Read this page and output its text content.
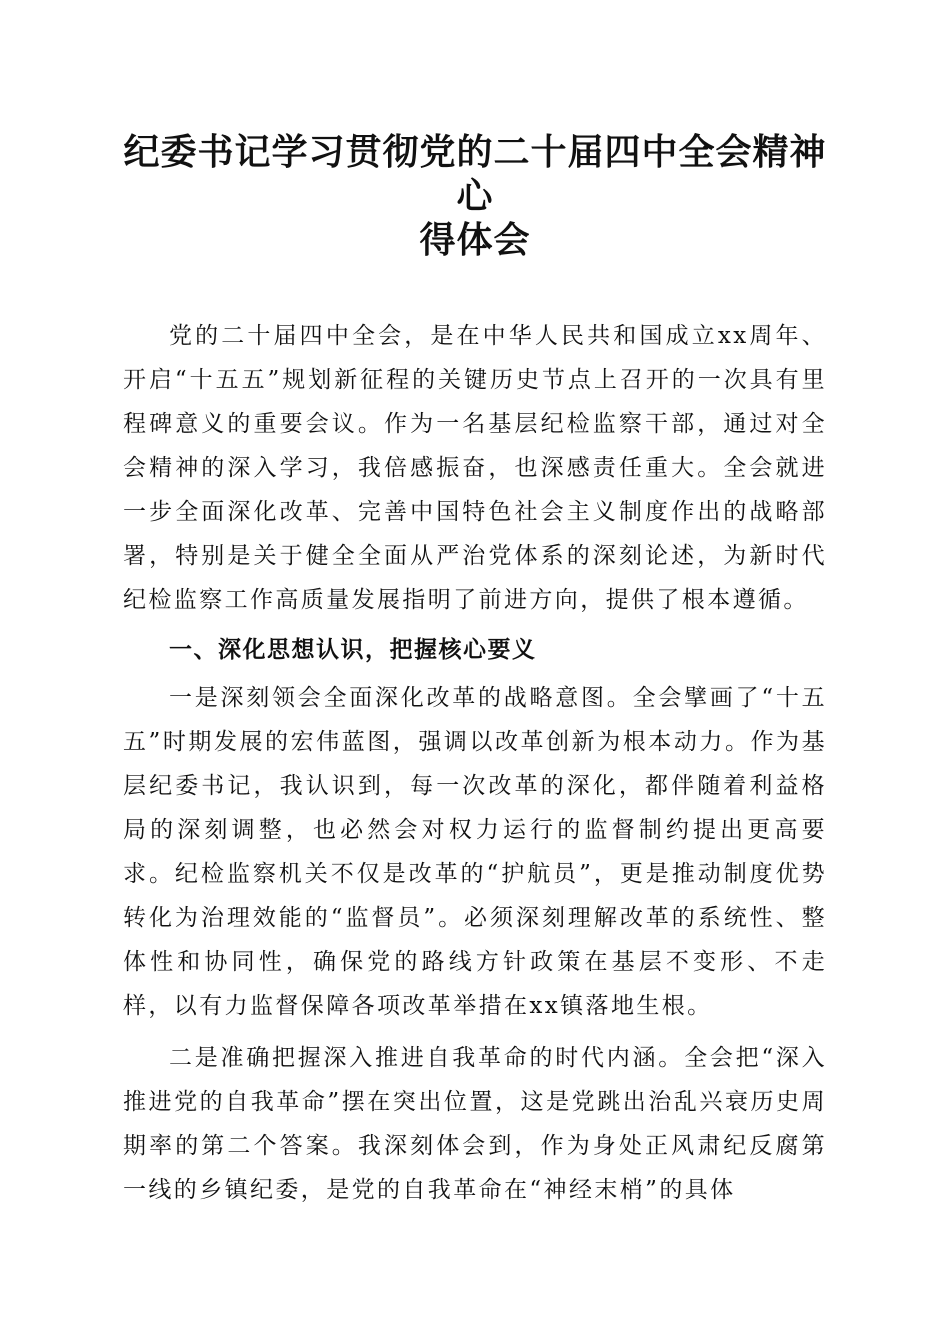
纪委书记学习贯彻党的二十届四中全会精神心
得体会

党的二十届四中全会，是在中华人民共和国成立xx周年、开启“十五五”规划新征程的关键历史节点上召开的一次具有里程碑意义的重要会议。作为一名基层纪检监察干部，通过对全会精神的深入学习，我倍感振奋，也深感责任重大。全会就进一步全面深化改革、完善中国特色社会主义制度作出的战略部署，特别是关于健全全面从严治党体系的深刻论述，为新时代纪检监察工作高质量发展指明了前进方向，提供了根本遵循。

一、深化思想认识，把握核心要义

一是深刻领会全面深化改革的战略意图。全会擘画了“十五五”时期发展的宏伟蓝图，强调以改革创新为根本动力。作为基层纪委书记，我认识到，每一次改革的深化，都伴随着利益格局的深刻调整，也必然会对权力运行的监督制约提出更高要求。纪检监察机关不仅是改革的“护航员”，更是推动制度优势转化为治理效能的“监督员”。必须深刻理解改革的系统性、整体性和协同性，确保党的路线方针政策在基层不变形、不走样，以有力监督保障各项改革举措在xx镇落地生根。

二是准确把握深入推进自我革命的时代内涵。全会把“深入推进党的自我革命”摆在突出位置，这是党跳出治乱兴衰历史周期率的第二个答案。我深刻体会到，作为身处正风肃纪反腐第一线的乡镇纪委，是党的自我革命在“神经末梢”的具体
